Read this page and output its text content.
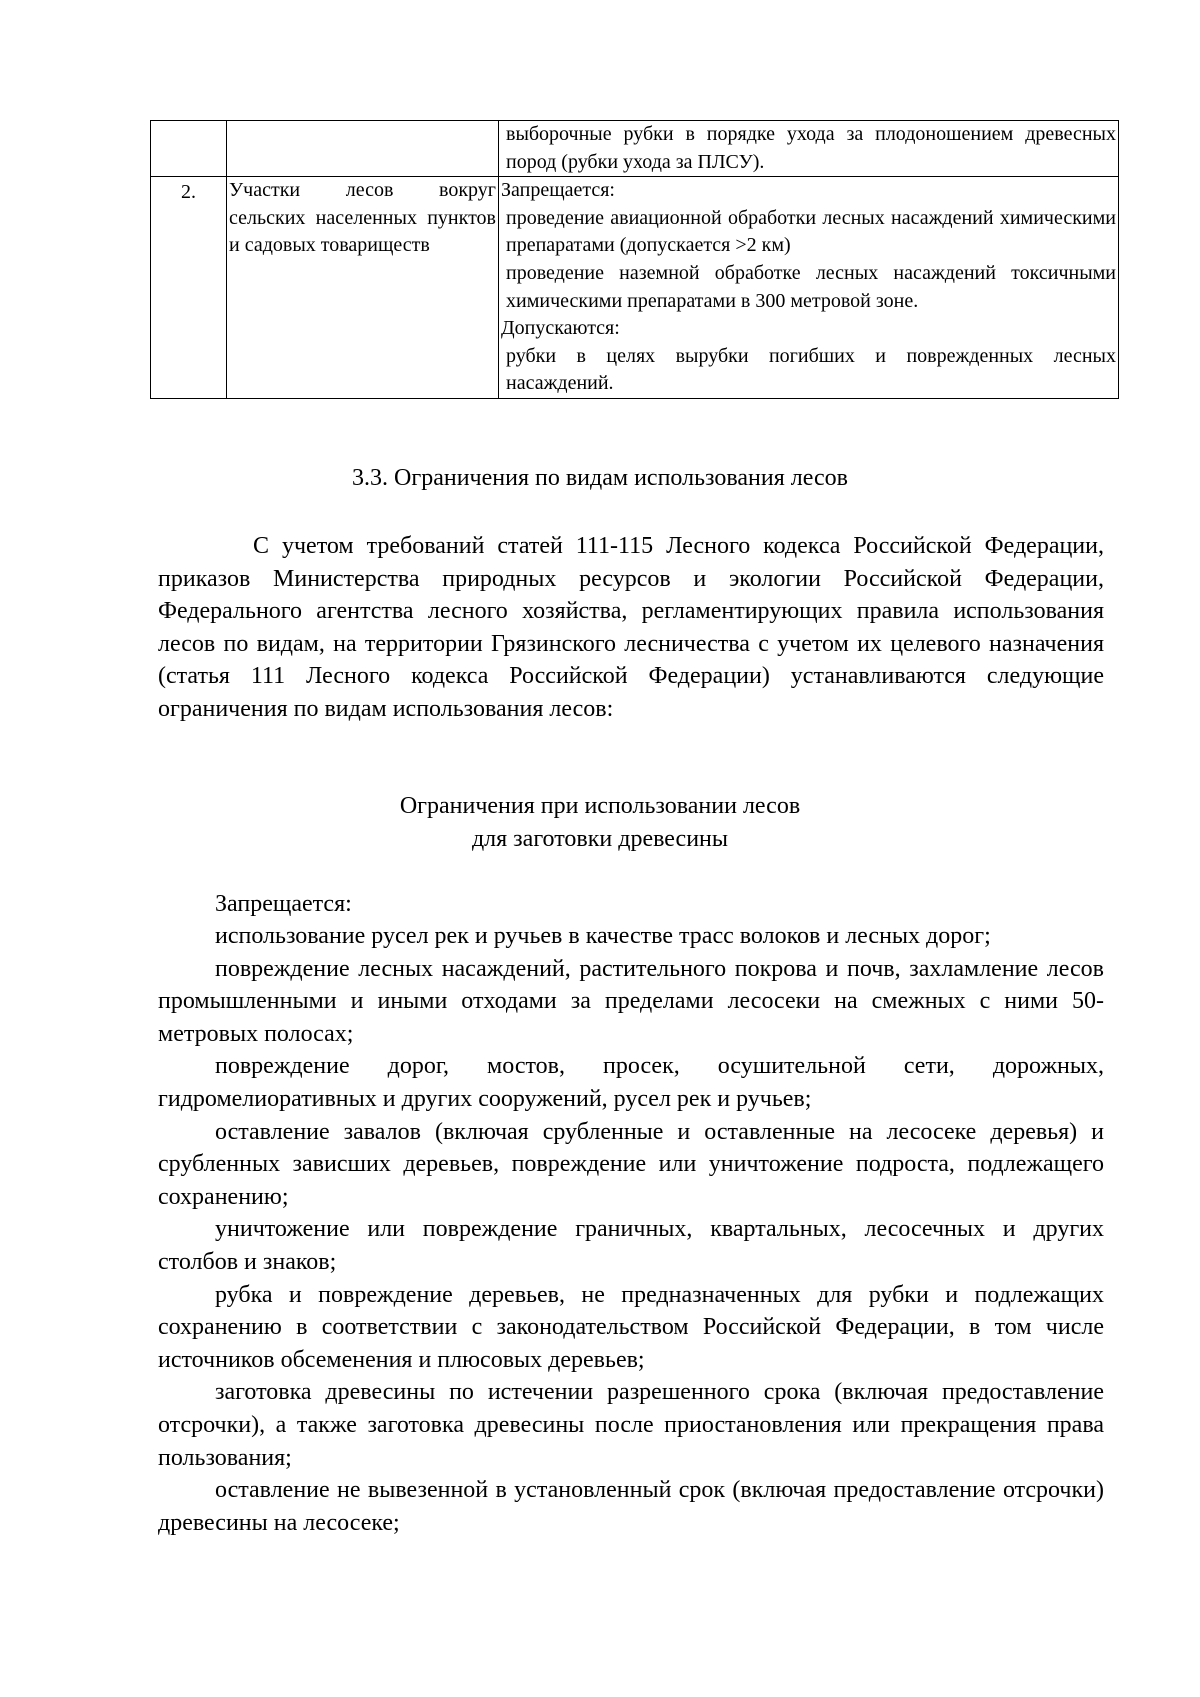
		выборочные рубки в порядке ухода за плодоношением древесных пород (рубки ухода за ПЛСУ).

2.	Участки лесов вокруг сельских населенных пунктов и садовых товариществ	Запрещается:

проведение авиационной обработки лесных насаждений химическими препаратами (допускается >2 км)

проведение наземной обработке лесных насаждений токсичными химическими препаратами в 300 метровой зоне.

Допускаются:

рубки в целях вырубки погибших и поврежденных лесных насаждений.

3.3. Ограничения по видам использования лесов

С учетом требований статей 111-115 Лесного кодекса Российской Федерации, приказов Министерства природных ресурсов и экологии Российской Федерации, Федерального агентства лесного хозяйства, регламентирующих правила использования лесов по видам, на территории Грязинского лесничества с учетом их целевого назначения (статья 111 Лесного кодекса Российской Федерации) устанавливаются следующие ограничения по видам использования лесов:

Ограничения при использовании лесов
для заготовки древесины

Запрещается:

использование русел рек и ручьев в качестве трасс волоков и лесных дорог;

повреждение лесных насаждений, растительного покрова и почв, захламление лесов промышленными и иными отходами за пределами лесосеки на смежных с ними 50-метровых полосах;

повреждение дорог, мостов, просек, осушительной сети, дорожных, гидромелиоративных и других сооружений, русел рек и ручьев;

оставление завалов (включая срубленные и оставленные на лесосеке деревья) и срубленных зависших деревьев, повреждение или уничтожение подроста, подлежащего сохранению;

уничтожение или повреждение граничных, квартальных, лесосечных и других столбов и знаков;

рубка и повреждение деревьев, не предназначенных для рубки и подлежащих сохранению в соответствии с законодательством Российской Федерации, в том числе источников обсеменения и плюсовых деревьев;

заготовка древесины по истечении разрешенного срока (включая предоставление отсрочки), а также заготовка древесины после приостановления или прекращения права пользования;

оставление не вывезенной в установленный срок (включая предоставление отсрочки) древесины на лесосеке;
